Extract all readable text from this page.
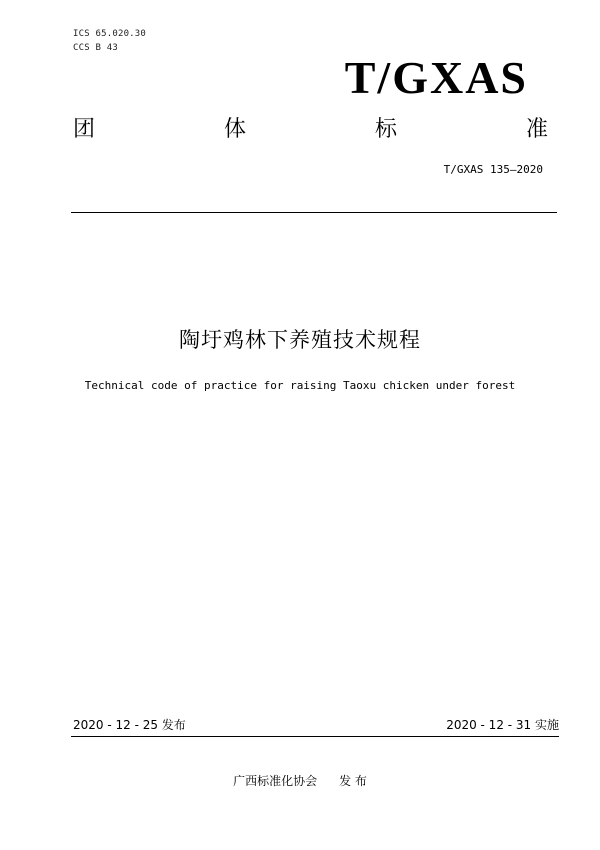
ICS 65.020.30
CCS B 43
T/GXAS
团	体	标	准
T/GXAS 135—2020
陶圩鸡林下养殖技术规程
Technical code of practice for raising Taoxu chicken under forest
2020 - 12 - 25 发布	2020 - 12 - 31 实施
广西标准化协会 发 布
